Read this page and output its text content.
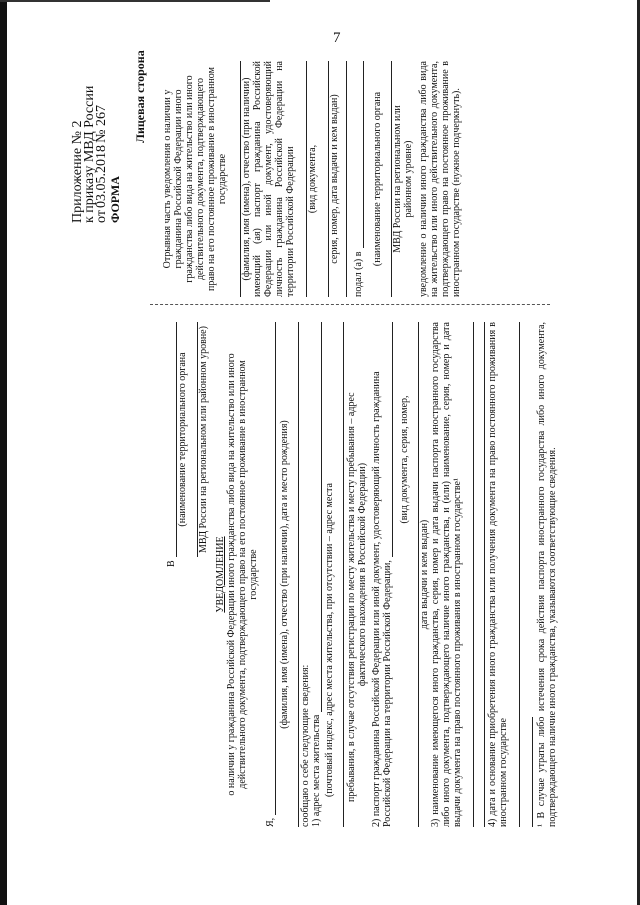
7
Приложение № 2
к приказу МВД России
от
03.05.2018
№ 267
ФОРМА
Лицевая сторона Отрывная часть уведомления о наличии у гражданина Российской Федерации иного гражданства либо вида на жительство или иного действительного документа, подтверждающего право на его постоянное проживание в иностранном государстве (фамилия, имя (имена), отчество (при наличии) имеющий (ая) паспорт гражданина Российской Федерации или иной документ, удостоверяющий личность гражданина Российской Федерации на территории Российской Федерации (вид документа, серия, номер, дата выдачи и кем выдан)
подал (а) в
(наименование территориального органа МВД России на региональном или районном уровне) уведомление о наличии иного гражданства либо вида на жительство или иного действительного документа, подтверждающего право на постоянное проживание в иностранном государстве (нужное подчеркнуть).
В
(наименование территориального органа МВД России на региональном или районном уровне)
УВЕДОМЛЕНИЕ о наличии у гражданина Российской Федерации иного гражданства либо вида на жительство или иного действительного документа, подтверждающего право на его постоянное проживание в иностранном государстве
Я,
(фамилия, имя (имена), отчество (при наличии), дата и место рождения)
сообщаю о себе следующие сведения: 1) адрес места жительства (почтовый индекс, адрес места жительства, при отсутствии – адрес места пребывания, в случае отсутствия регистрации по месту жительства и месту пребывания – адрес фактического нахождения в Российской Федерации) 2) паспорт гражданина Российской Федерации или иной документ, удостоверяющий личность гражданина Российской Федерации на территории Российской Федерации,
(вид документа, серия, номер,
дата выдачи и кем выдан) 3) наименование имеющегося иного гражданства, серия, номер и дата выдачи паспорта иностранного государства либо иного документа, подтверждающего наличие иного гражданства, и (или) наименование, серия, номер и дата выдачи документа на право постоянного проживания в иностранном государстве¹ 4) дата и основание приобретения иного гражданства или получения документа на право постоянного проживания в иностранном государстве	¹ В случае утраты либо истечения срока действия паспорта иностранного государства либо иного документа, подтверждающего наличие иного гражданства, указываются соответствующие сведения.
